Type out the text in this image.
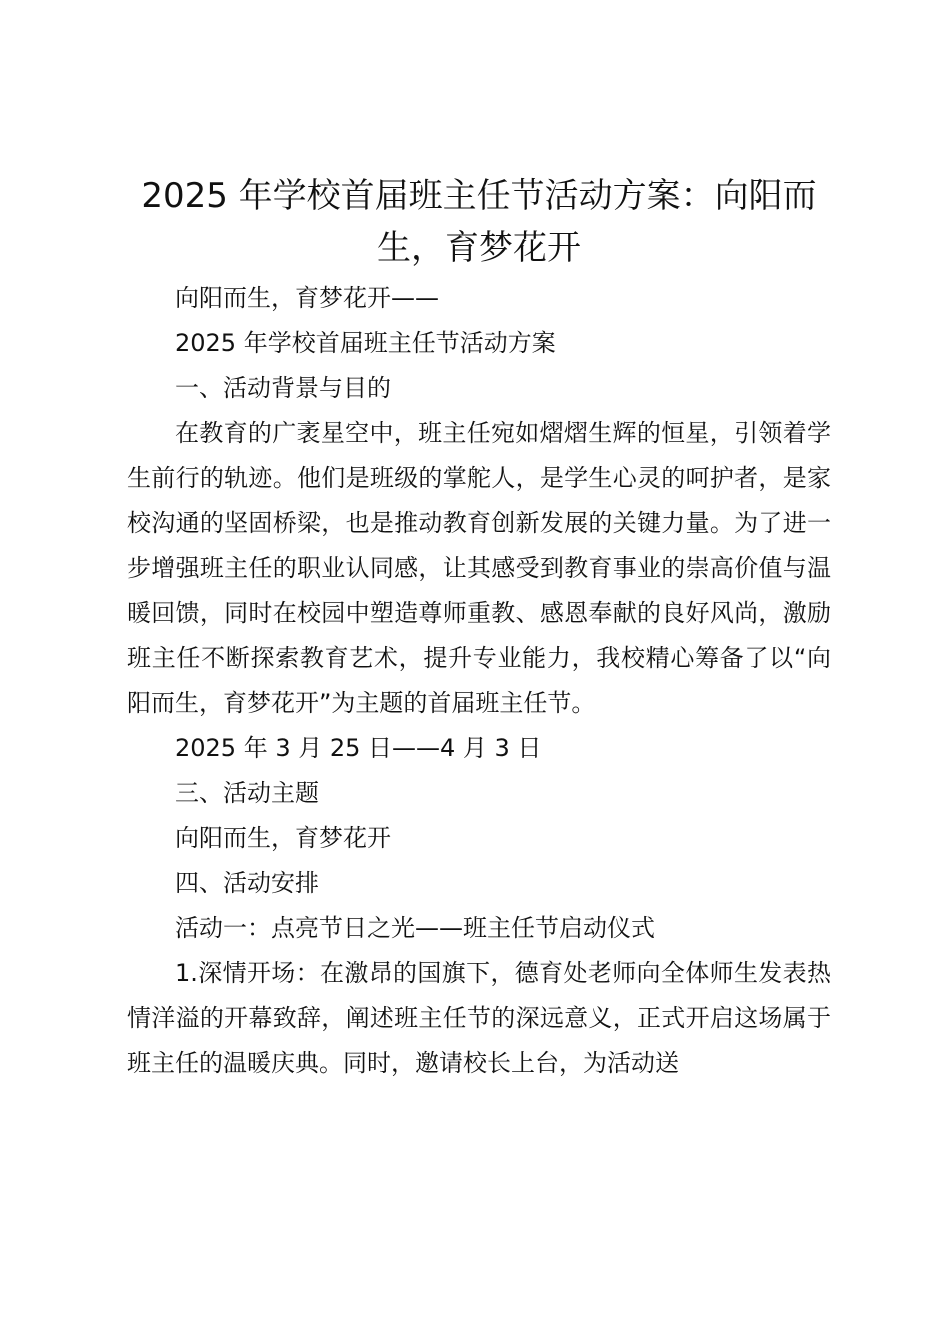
2025 年学校首届班主任节活动方案：向阳而生，育梦花开

向阳而生，育梦花开——

2025 年学校首届班主任节活动方案

一、活动背景与目的

在教育的广袤星空中，班主任宛如熠熠生辉的恒星，引领着学生前行的轨迹。他们是班级的掌舵人，是学生心灵的呵护者，是家校沟通的坚固桥梁，也是推动教育创新发展的关键力量。为了进一步增强班主任的职业认同感，让其感受到教育事业的崇高价值与温暖回馈，同时在校园中塑造尊师重教、感恩奉献的良好风尚，激励班主任不断探索教育艺术，提升专业能力，我校精心筹备了以“向阳而生，育梦花开”为主题的首届班主任节。

2025 年 3 月 25 日——4 月 3 日

三、活动主题

向阳而生，育梦花开

四、活动安排

活动一：点亮节日之光——班主任节启动仪式

1.深情开场：在激昂的国旗下，德育处老师向全体师生发表热情洋溢的开幕致辞，阐述班主任节的深远意义，正式开启这场属于班主任的温暖庆典。同时，邀请校长上台，为活动送
